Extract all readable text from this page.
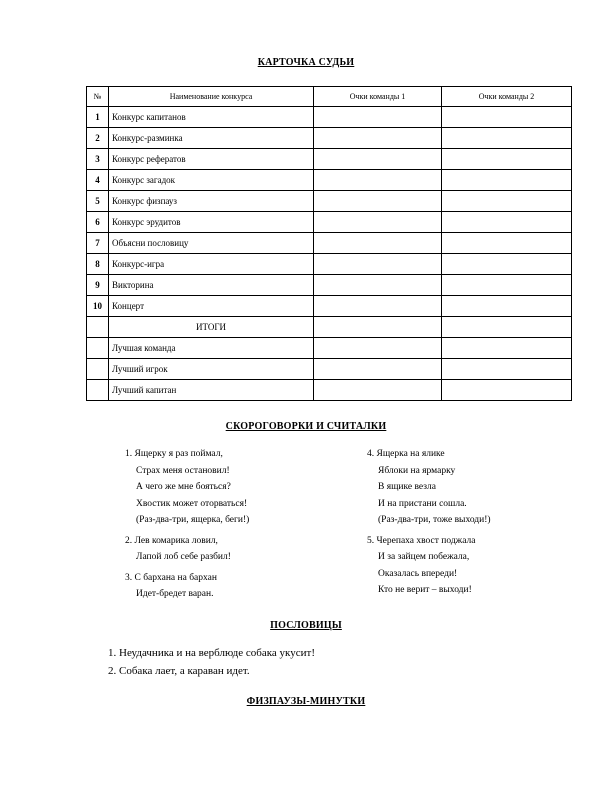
КАРТОЧКА СУДЬИ
№	Наименование конкурса	Очки команды 1	Очки команды 2
1	Конкурс капитанов		
2	Конкурс-разминка		
3	Конкурс рефератов		
4	Конкурс загадок		
5	Конкурс физпауз		
6	Конкурс эрудитов		
7	Объясни пословицу		
8	Конкурс-игра		
9	Викторина		
10	Концерт		
	ИТОГИ		
	Лучшая команда		
	Лучший игрок		
	Лучший капитан		
СКОРОГОВОРКИ И СЧИТАЛКИ
1. Ящерку я раз поймал,
Страх меня остановил!
А чего же мне бояться?
Хвостик может оторваться!
(Раз-два-три, ящерка, беги!)
2. Лев комарика ловил,
Лапой лоб себе разбил!
3. С бархана на бархан
Идет-бредет варан.
4. Ящерка на ялике
Яблоки на ярмарку
В ящике везла
И на пристани сошла.
(Раз-два-три, тоже выходи!)
5. Черепаха хвост поджала
И за зайцем побежала,
Оказалась впереди!
Кто не верит – выходи!
ПОСЛОВИЦЫ
1. Неудачника и на верблюде собака укусит!
2. Собака лает, а караван идет.
ФИЗПАУЗЫ-МИНУТКИ
